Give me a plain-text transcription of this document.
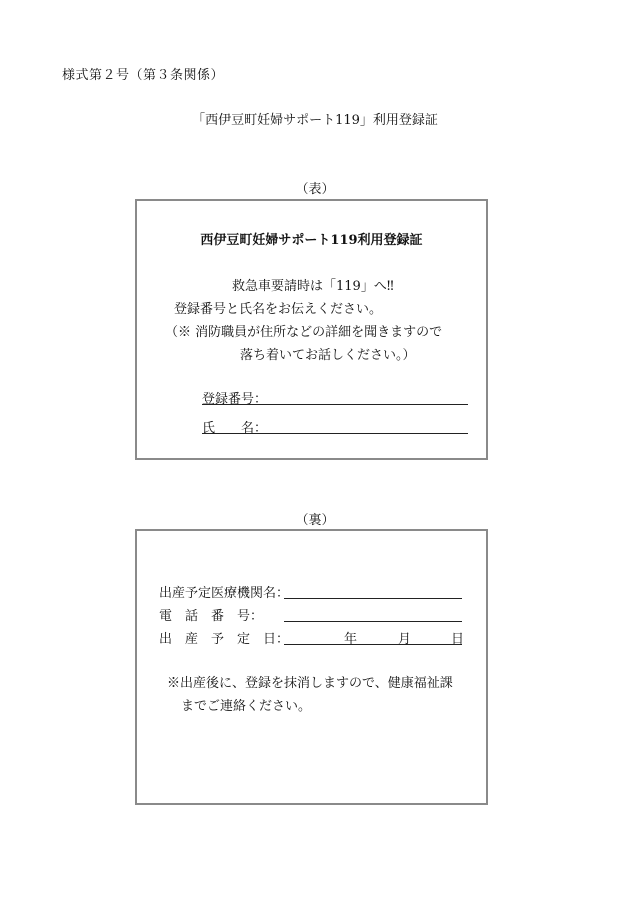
様式第２号（第３条関係）
「西伊豆町妊婦サポート119」利用登録証
（表）
西伊豆町妊婦サポート119利用登録証
救急車要請時は「119」へ‼
登録番号と氏名をお伝えください。
（※ 消防職員が住所などの詳細を聞きますので
落ち着いてお話しください。）
登録番号：
氏　　名：
（裏）
出産予定医療機関名：
電　話　番　号：
出　産　予　定　日：	年	月	日
※出産後に、登録を抹消しますので、健康福祉課
までご連絡ください。
